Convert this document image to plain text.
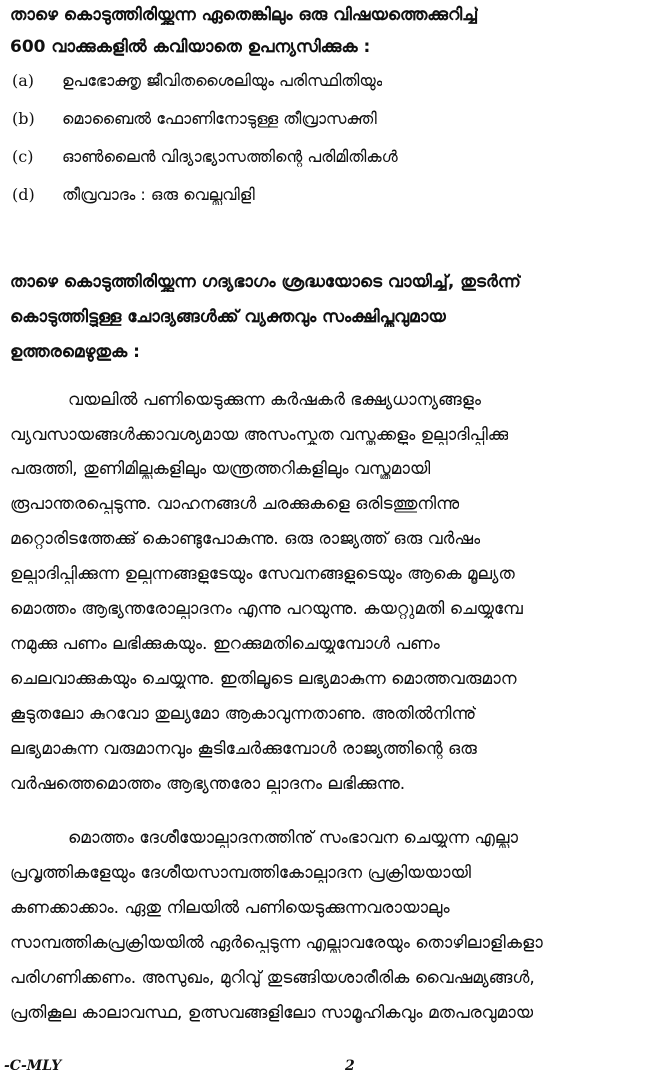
താഴെ കൊടുത്തിരിയ്ക്കുന്ന ഏതെങ്കിലും ഒരു വിഷയത്തെക്കുറിച്ച്
600 വാക്കുകളിൽ കവിയാതെ ഉപന്യസിക്കുക :
(a) ഉപഭോക്തൃ ജീവിതശൈലിയും പരിസ്ഥിതിയും
(b) മൊബൈൽ ഫോണിനോടുള്ള തീവ്രാസക്തി
(c) ഓൺലൈൻ വിദ്യാഭ്യാസത്തിന്റെ പരിമിതികൾ
(d) തീവ്രവാദം : ഒരു വെല്ലുവിളി
താഴെ കൊടുത്തിരിയ്ക്കുന്ന ഗദ്യഭാഗം ശ്രദ്ധയോടെ വായിച്ച്, തുടർന്ന്
കൊടുത്തിട്ടുള്ള ചോദ്യങ്ങൾക്ക് വ്യക്തവും സംക്ഷിപ്തവുമായ
ഉത്തരമെഴുതുക :
വയലിൽ പണിയെടുക്കുന്ന കർഷകർ ഭക്ഷ്യധാന്യങ്ങളും
വ്യവസായങ്ങൾക്കാവശ്യമായ അസംസ്കൃത വസ്തുക്കളും ഉല്പാദിപ്പിക്കു
പരുത്തി, തുണിമില്ലുകളിലും യന്ത്രത്തറികളിലും വസ്ത്രമായി
രൂപാന്തരപ്പെടുന്നു. വാഹനങ്ങൾ ചരക്കുകളെ ഒരിടത്തുനിന്നു
മറ്റൊരിടത്തേക്കു് കൊണ്ടുപോകുന്നു. ഒരു രാജ്യത്ത് ഒരു വർഷം
ഉല്പാദിപ്പിക്കുന്ന ഉല്പന്നങ്ങളുടേയും സേവനങ്ങളുടെയും ആകെ മൂല്യത
മൊത്തം ആഭ്യന്തരോല്പാദനം എന്നു പറയുന്നു. കയറ്റുമതി ചെയ്യുമ്പേ
നമുക്കു പണം ലഭിക്കുകയും. ഇറക്കുമതിചെയ്യുമ്പോൾ പണം
ചെലവാക്കുകയും ചെയ്യുന്നു. ഇതിലൂടെ ലഭ്യമാകുന്ന മൊത്തവരുമാന
കൂടുതലോ കുറവോ തുല്യമോ ആകാവുന്നതാണു. അതിൽനിന്നു്
ലഭ്യമാകുന്ന വരുമാനവും കൂടിചേർക്കുമ്പോൾ രാജ്യത്തിന്റെ ഒരു
വർഷത്തെമൊത്തം ആഭ്യന്തരോ ല്പാദനം ലഭിക്കുന്നു.
മൊത്തം ദേശീയോല്പാദനത്തിനു് സംഭാവന ചെയ്യുന്ന എല്ലാ
പ്രവൃത്തികളേയും ദേശീയസാമ്പത്തികോല്പാദന പ്രക്രിയയായി
കണക്കാക്കാം. ഏതു നിലയിൽ പണിയെടുക്കുന്നവരായാലും
സാമ്പത്തികപ്രക്രിയയിൽ ഏർപ്പെടുന്ന എല്ലാവരേയും തൊഴിലാളികളാ
പരിഗണിക്കണം. അസുഖം, മുറിവു് തുടങ്ങിയശാരീരിക വൈഷമ്യങ്ങൾ,
പ്രതികൂല കാലാവസ്ഥ, ഉത്സവങ്ങളിലോ സാമൂഹികവും മതപരവുമായ
-C-MLY	2
